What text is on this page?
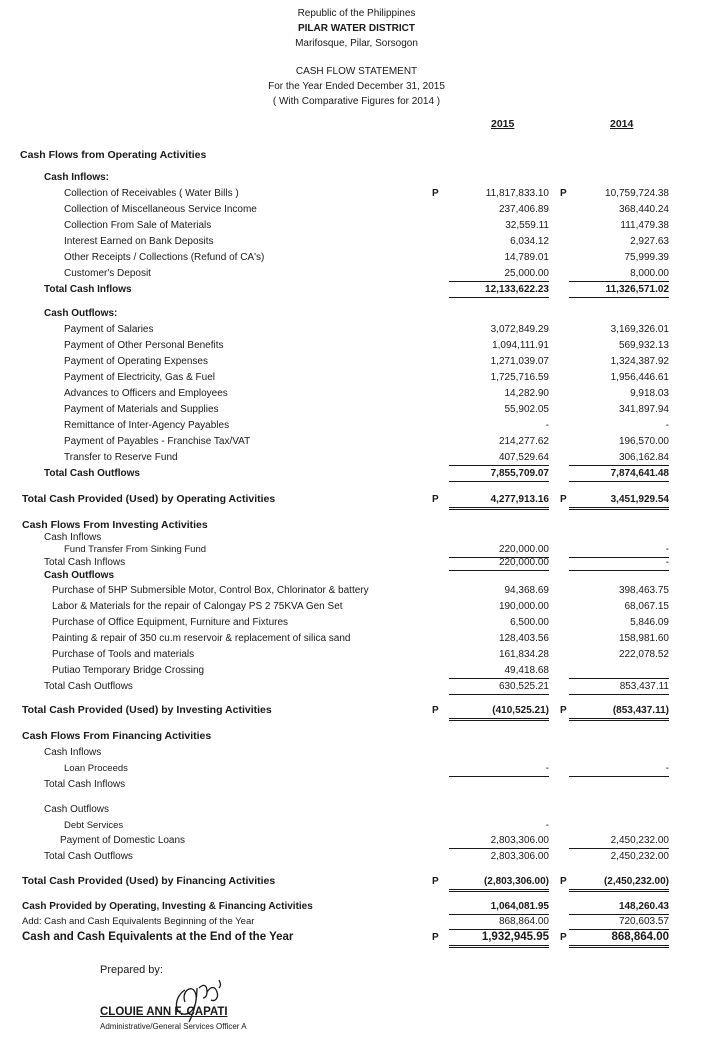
Republic of the Philippines
PILAR WATER DISTRICT
Marifosque, Pilar, Sorsogon
CASH FLOW STATEMENT
For the Year Ended December 31, 2015
( With Comparative Figures for 2014 )
2015	2014
Cash Flows from Operating Activities
Cash Inflows:
Collection of Receivables ( Water Bills )	11,817,833.10	10,759,724.38
P	P
Collection of Miscellaneous Service Income	237,406.89	368,440.24
Collection From Sale of Materials	32,559.11	111,479.38
Interest Earned on Bank Deposits	6,034.12	2,927.63
Other Receipts / Collections (Refund of CA's)	14,789.01	75,999.39
Customer's Deposit	25,000.00	8,000.00
Total Cash Inflows	12,133,622.23	11,326,571.02
Cash Outflows:
Payment of Salaries	3,072,849.29	3,169,326.01
Payment of Other Personal Benefits	1,094,111.91	569,932.13
Payment of Operating Expenses	1,271,039.07	1,324,387.92
Payment of Electricity, Gas & Fuel	1,725,716.59	1,956,446.61
Advances to Officers and Employees	14,282.90	9,918.03
Payment of Materials and Supplies	55,902.05	341,897.94
Remittance of Inter-Agency Payables	-	-
Payment of Payables - Franchise Tax/VAT	214,277.62	196,570.00
Transfer to Reserve Fund	407,529.64	306,162.84
Total Cash Outflows	7,855,709.07	7,874,641.48
Total Cash Provided (Used) by Operating Activities	4,277,913.16	3,451,929.54
P	P
Cash Flows From Investing Activities
Cash Inflows
Fund Transfer From Sinking Fund	220,000.00	-
Total Cash Inflows	220,000.00	-
Cash Outflows
Purchase of 5HP Submersible Motor, Control Box, Chlorinator & battery	94,368.69	398,463.75
Labor & Materials for the repair of Calongay PS 2 75KVA Gen Set	190,000.00	68,067.15
Purchase of Office Equipment, Furniture and Fixtures	6,500.00	5,846.09
Painting & repair of 350 cu.m reservoir & replacement of silica sand	128,403.56	158,981.60
Purchase of Tools and materials	161,834.28	222,078.52
Putiao Temporary Bridge Crossing	49,418.68

Total Cash Outflows	630,525.21	853,437.11
Total Cash Provided (Used) by Investing Activities	(410,525.21)	(853,437.11)
P	P
Cash Flows From Financing Activities
Cash Inflows
Loan Proceeds	-	-
Total Cash Inflows
Cash Outflows
Debt Services	-
Payment of Domestic Loans	2,803,306.00	2,450,232.00
Total Cash Outflows	2,803,306.00	2,450,232.00
Total Cash Provided (Used) by Financing Activities	(2,803,306.00)	(2,450,232.00)
P	P
Cash Provided by Operating, Investing & Financing Activities	1,064,081.95	148,260.43
Add: Cash and Cash Equivalents Beginning of the Year	868,864.00	720,603.57
Cash and Cash Equivalents at the End of the Year	1,932,945.95	868,864.00
P	P
Prepared by:
CLOUIE ANN F. CAPATI
Administrative/General Services Officer A
